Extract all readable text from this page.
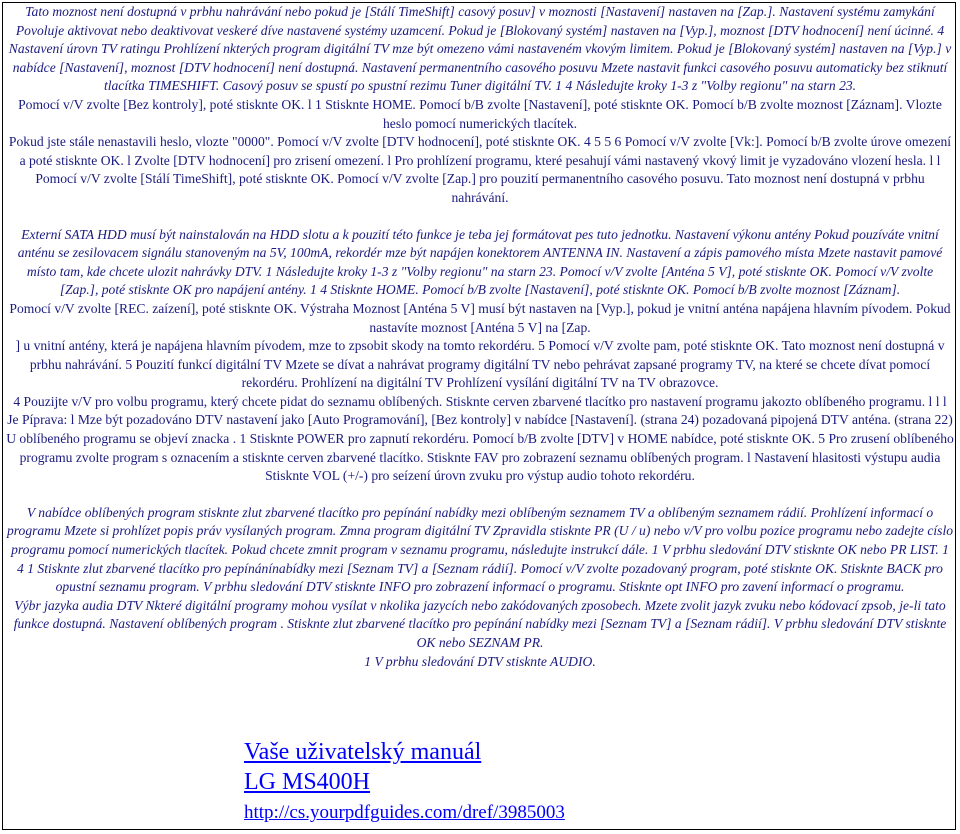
Tato moznost není dostupná v prbhu nahrávání nebo pokud je [Stálí TimeShift] casový posuv] v moznosti [Nastavení] nastaven na [Zap.]. Nastavení systému zamykání Povoluje aktivovat nebo deaktivovat veskeré díve nastavené systémy uzamcení. Pokud je [Blokovaný systém] nastaven na [Vyp.], moznost [DTV hodnocení] není úcinné. 4 Nastavení úrovn TV ratingu Prohlízení nkterých program digitální TV mze být omezeno vámi nastaveném vkovým limitem. Pokud je [Blokovaný systém] nastaven na [Vyp.] v nabídce [Nastavení], moznost [DTV hodnocení] není dostupná. Nastavení permanentního casového posuvu Mzete nastavit funkci casového posuvu automaticky bez stiknutí tlacítka TIMESHIFT. Casový posuv se spustí po spustní rezimu Tuner digitální TV. 1 4 Následujte kroky 1-3 z "Volby regionu" na starn 23.

Pomocí v/V zvolte [Bez kontroly], poté stisknte OK. l 1 Stisknte HOME. Pomocí b/B zvolte [Nastavení], poté stisknte OK. Pomocí b/B zvolte moznost [Záznam]. Vlozte heslo pomocí numerických tlacítek.

Pokud jste stále nenastavili heslo, vlozte "0000". Pomocí v/V zvolte [DTV hodnocení], poté stisknte OK. 4 5 5 6 Pomocí v/V zvolte [Vk:]. Pomocí b/B zvolte úrove omezení a poté stisknte OK. l Zvolte [DTV hodnocení] pro zrisení omezení. l Pro prohlízení programu, které pesahují vámi nastavený vkový limit je vyzadováno vlození hesla. l l Pomocí v/V zvolte [Stálí TimeShift], poté stisknte OK. Pomocí v/V zvolte [Zap.] pro pouzití permanentního casového posuvu. Tato moznost není dostupná v prbhu nahrávání.

Externí SATA HDD musí být nainstalován na HDD slotu a k pouzití této funkce je teba jej formátovat pes tuto jednotku. Nastavení výkonu antény Pokud pouzíváte vnitní anténu se zesilovacem signálu stanoveným na 5V, 100mA, rekordér mze být napájen konektorem ANTENNA IN. Nastavení a zápis pamového místa Mzete nastavit pamové místo tam, kde chcete ulozit nahrávky DTV. 1 Následujte kroky 1-3 z "Volby regionu" na starn 23. Pomocí v/V zvolte [Anténa 5 V], poté stisknte OK. Pomocí v/V zvolte [Zap.], poté stisknte OK pro napájení antény. 1 4 Stisknte HOME. Pomocí b/B zvolte [Nastavení], poté stisknte OK. Pomocí b/B zvolte moznost [Záznam].

Pomocí v/V zvolte [REC. zaízení], poté stisknte OK. Výstraha Moznost [Anténa 5 V] musí být nastaven na [Vyp.], pokud je vnitní anténa napájena hlavním pívodem. Pokud nastavíte moznost [Anténa 5 V] na [Zap.

] u vnitní antény, která je napájena hlavním pívodem, mze to zpsobit skody na tomto rekordéru. 5 Pomocí v/V zvolte pam, poté stisknte OK. Tato moznost není dostupná v prbhu nahrávání. 5 Pouzití funkcí digitální TV Mzete se dívat a nahrávat programy digitální TV nebo pehrávat zapsané programy TV, na které se chcete dívat pomocí rekordéru. Prohlízení na digitální TV Prohlízení vysílání digitální TV na TV obrazovce.

4 Pouzijte v/V pro volbu programu, který chcete pidat do seznamu oblíbených. Stisknte cerven zbarvené tlacítko pro nastavení programu jakozto oblíbeného programu. l l l Je Píprava: l Mze být pozadováno DTV nastavení jako [Auto Programování], [Bez kontroly] v nabídce [Nastavení]. (strana 24) pozadovaná pipojená DTV anténa. (strana 22) U oblíbeného programu se objeví znacka . 1 Stisknte POWER pro zapnutí rekordéru. Pomocí b/B zvolte [DTV] v HOME nabídce, poté stisknte OK. 5 Pro zrusení oblíbeného programu zvolte program s oznacením a stisknte cerven zbarvené tlacítko. Stisknte FAV pro zobrazení seznamu oblíbených program. l Nastavení hlasitosti výstupu audia Stisknte VOL (+/-) pro seízení úrovn zvuku pro výstup audio tohoto rekordéru.

V nabídce oblíbených program stisknte zlut zbarvené tlacítko pro pepínání nabídky mezi oblíbeným seznamem TV a oblíbeným seznamem rádií. Prohlízení informací o programu Mzete si prohlízet popis práv vysílaných program. Zmna program digitální TV Zpravidla stisknte PR (U / u) nebo v/V pro volbu pozice programu nebo zadejte císlo programu pomocí numerických tlacítek. Pokud chcete zmnit program v seznamu programu, následujte instrukcí dále. 1 V prbhu sledování DTV stisknte OK nebo PR LIST. 1 4 1 Stisknte zlut zbarvené tlacítko pro pepínánínabídky mezi [Seznam TV] a [Seznam rádií]. Pomocí v/V zvolte pozadovaný program, poté stisknte OK. Stisknte BACK pro opustní seznamu program. V prbhu sledování DTV stisknte INFO pro zobrazení informací o programu. Stisknte opt INFO pro zavení informací o programu.

Výbr jazyka audia DTV Nkteré digitální programy mohou vysílat v nkolika jazycích nebo zakódovaných zposobech. Mzete zvolit jazyk zvuku nebo kódovací zpsob, je-li tato funkce dostupná. Nastavení oblíbených program . Stisknte zlut zbarvené tlacítko pro pepínání nabídky mezi [Seznam TV] a [Seznam rádií]. V prbhu sledování DTV stisknte OK nebo SEZNAM PR.

1 V prbhu sledování DTV stisknte AUDIO.

Vaše uživatelský manuál
LG MS400H
http://cs.yourpdfguides.com/dref/3985003
